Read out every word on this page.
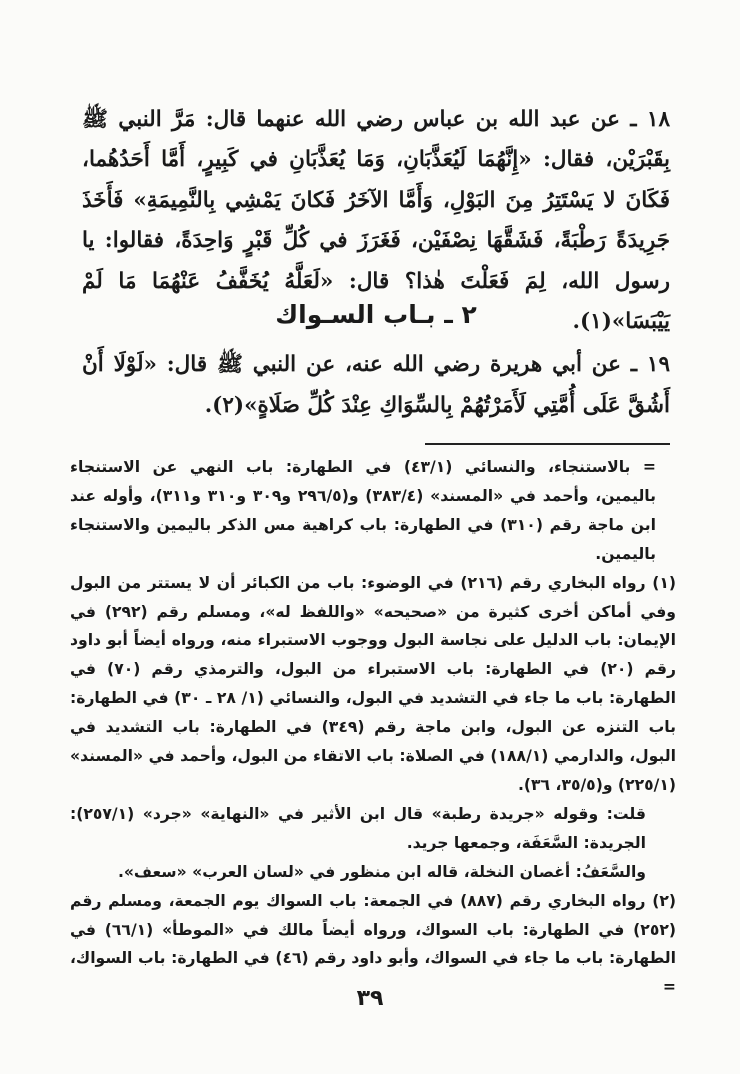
١٨ ـ عن عبد الله بن عباس رضي الله عنهما قال: مَرَّ النبي ﷺ بِقَبْرَيْن، فقال: «إِنَّهُمَا لَيُعَذَّبَانِ، وَمَا يُعَذَّبَانِ في كَبِيرٍ، أَمَّا أَحَدُهُما، فَكَانَ لا يَسْتَتِرُ مِنَ البَوْلِ، وَأَمَّا الآخَرُ فَكانَ يَمْشِي بِالنَّمِيمَةِ» فَأَخَذَ جَرِيدَةً رَطْبَةً، فَشَقَّهَا نِصْفَيْن، فَغَرَزَ في كُلِّ قَبْرٍ وَاحِدَةً، فقالوا: يا رسول الله، لِمَ فَعَلْتَ هٰذا؟ قال: «لَعَلَّهُ يُخَفَّفُ عَنْهُمَا مَا لَمْ يَيْبَسَا»(١).

٢ ـ بـاب السـواك

١٩ ـ عن أبي هريرة رضي الله عنه، عن النبي ﷺ قال: «لَوْلَا أَنْ أَشُقَّ عَلَى أُمَّتِي لَأَمَرْتُهُمْ بِالسِّوَاكِ عِنْدَ كُلِّ صَلَاةٍ»(٢).

= بالاستنجاء، والنسائي (٤٣/١) في الطهارة: باب النهي عن الاستنجاء باليمين، وأحمد في «المسند» (٣٨٣/٤) و(٢٩٦/٥ و٣٠٩ و٣١٠ و٣١١)، وأوله عند ابن ماجة رقم (٣١٠) في الطهارة: باب كراهية مس الذكر باليمين والاستنجاء باليمين.

(١) رواه البخاري رقم (٢١٦) في الوضوء: باب من الكبائر أن لا يستتر من البول وفي أماكن أخرى كثيرة من «صحيحه» «واللفظ له»، ومسلم رقم (٢٩٢) في الإيمان: باب الدليل على نجاسة البول ووجوب الاستبراء منه، ورواه أيضاً أبو داود رقم (٢٠) في الطهارة: باب الاستبراء من البول، والترمذي رقم (٧٠) في الطهارة: باب ما جاء في التشديد في البول، والنسائي (١/ ٢٨ ـ ٣٠) في الطهارة: باب التنزه عن البول، وابن ماجة رقم (٣٤٩) في الطهارة: باب التشديد في البول، والدارمي (١٨٨/١) في الصلاة: باب الاتقاء من البول، وأحمد في «المسند» (٢٢٥/١) و(٣٥/٥، ٣٦).

قلت: وقوله «جريدة رطبة» قال ابن الأثير في «النهاية» «جرد» (٢٥٧/١): الجريدة: السَّعَفَة، وجمعها جريد.

والسَّعَفُ: أغصان النخلة، قاله ابن منظور في «لسان العرب» «سعف».

(٢) رواه البخاري رقم (٨٨٧) في الجمعة: باب السواك يوم الجمعة، ومسلم رقم (٢٥٢) في الطهارة: باب السواك، ورواه أيضاً مالك في «الموطأ» (٦٦/١) في الطهارة: باب ما جاء في السواك، وأبو داود رقم (٤٦) في الطهارة: باب السواك، =

٣٩
